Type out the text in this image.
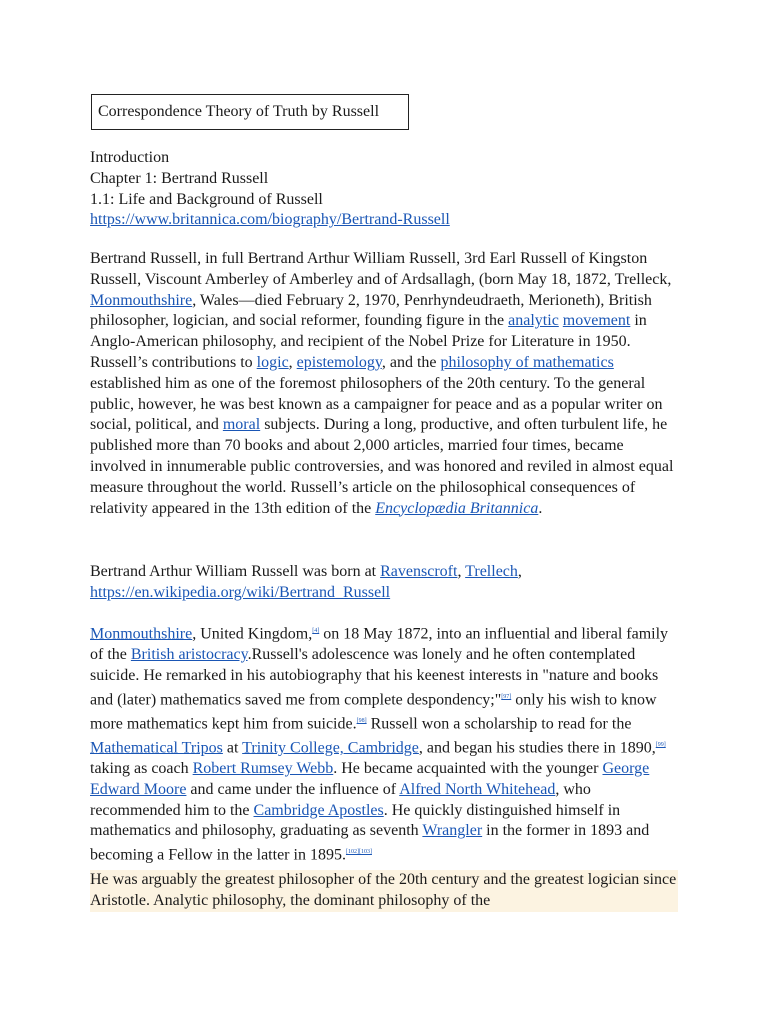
Correspondence Theory of Truth by Russell
Introduction
Chapter 1: Bertrand Russell
1.1: Life and Background of Russell
https://www.britannica.com/biography/Bertrand-Russell
Bertrand Russell, in full Bertrand Arthur William Russell, 3rd Earl Russell of Kingston Russell, Viscount Amberley of Amberley and of Ardsallagh, (born May 18, 1872, Trelleck, Monmouthshire, Wales—died February 2, 1970, Penrhyndeudraeth, Merioneth), British philosopher, logician, and social reformer, founding figure in the analytic movement in Anglo-American philosophy, and recipient of the Nobel Prize for Literature in 1950. Russell’s contributions to logic, epistemology, and the philosophy of mathematics established him as one of the foremost philosophers of the 20th century. To the general public, however, he was best known as a campaigner for peace and as a popular writer on social, political, and moral subjects. During a long, productive, and often turbulent life, he published more than 70 books and about 2,000 articles, married four times, became involved in innumerable public controversies, and was honored and reviled in almost equal measure throughout the world. Russell’s article on the philosophical consequences of relativity appeared in the 13th edition of the Encyclopædia Britannica.
Bertrand Arthur William Russell was born at Ravenscroft, Trellech,
https://en.wikipedia.org/wiki/Bertrand_Russell
Monmouthshire, United Kingdom,[4] on 18 May 1872, into an influential and liberal family of the British aristocracy.Russell's adolescence was lonely and he often contemplated suicide. He remarked in his autobiography that his keenest interests in "nature and books and (later) mathematics saved me from complete despondency;"[97] only his wish to know more mathematics kept him from suicide.[98] Russell won a scholarship to read for the Mathematical Tripos at Trinity College, Cambridge, and began his studies there in 1890,[99] taking as coach Robert Rumsey Webb. He became acquainted with the younger George Edward Moore and came under the influence of Alfred North Whitehead, who recommended him to the Cambridge Apostles. He quickly distinguished himself in mathematics and philosophy, graduating as seventh Wrangler in the former in 1893 and becoming a Fellow in the latter in 1895.[102][103]
He was arguably the greatest philosopher of the 20th century and the greatest logician since Aristotle. Analytic philosophy, the dominant philosophy of the
